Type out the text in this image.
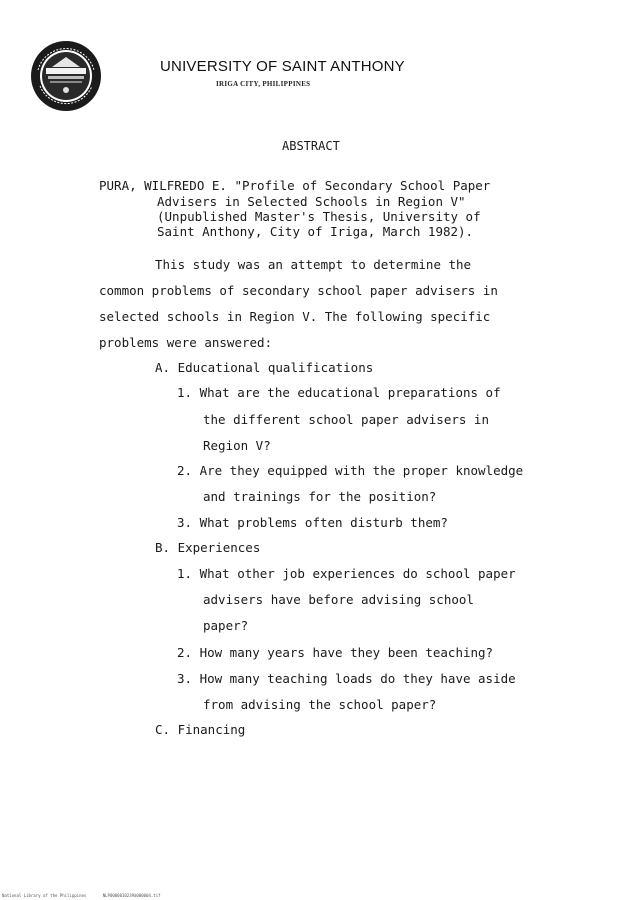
UNIVERSITY OF SAINT ANTHONY
IRIGA CITY, PHILIPPINES
ABSTRACT
PURA, WILFREDO E. "Profile of Secondary School Paper
Advisers in Selected Schools in Region V"
(Unpublished Master's Thesis, University of
Saint Anthony, City of Iriga, March 1982).
This study was an attempt to determine the
common problems of secondary school paper advisers in
selected schools in Region V. The following specific
problems were answered:
A. Educational qualifications
1. What are the educational preparations of
the different school paper advisers in
Region V?
2. Are they equipped with the proper knowledge
and trainings for the position?
3. What problems often disturb them?
B. Experiences
1. What other job experiences do school paper
advisers have before advising school
paper?
2. How many years have they been teaching?
3. How many teaching loads do they have aside
from advising the school paper?
C. Financing
National Library of the Philippines	NLP0000010239à000004.tif
